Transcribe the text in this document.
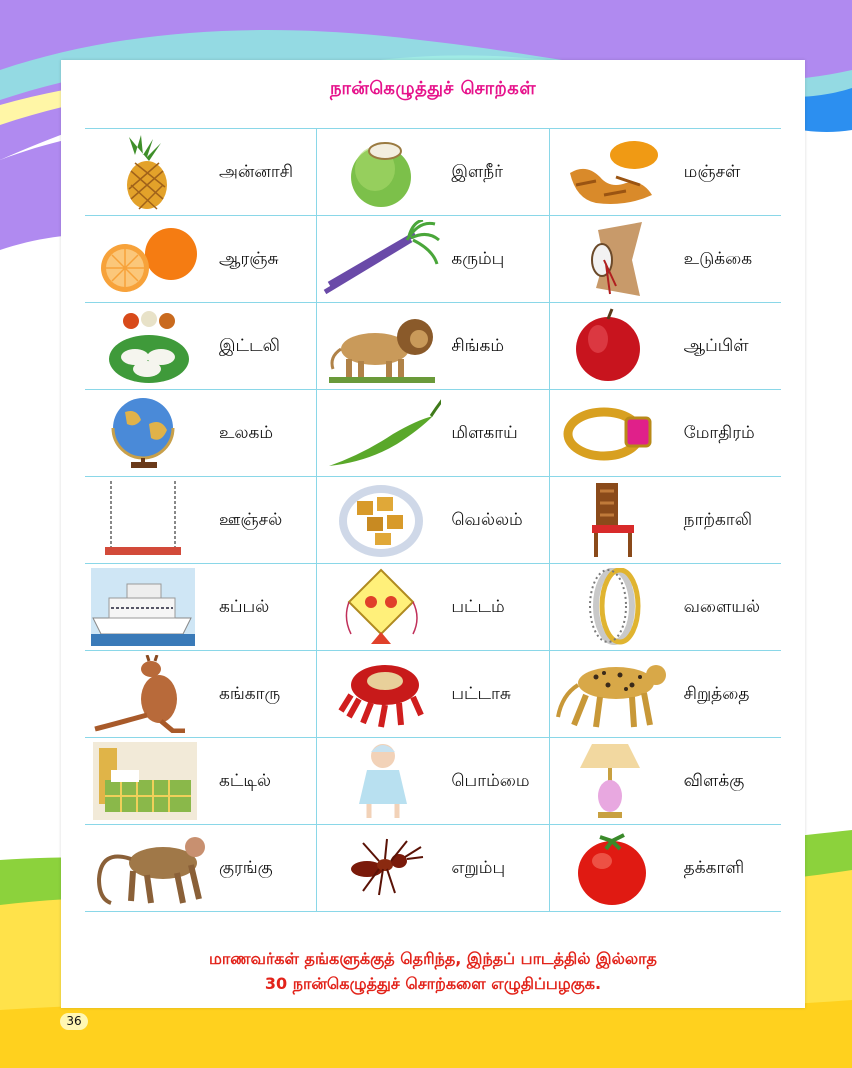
நான்கெழுத்துச் சொற்கள்
அன்னாசி	இளநீர்	மஞ்சள்
ஆரஞ்சு	கரும்பு	உடுக்கை
இட்டலி	சிங்கம்	ஆப்பிள்
உலகம்	மிளகாய்	மோதிரம்
ஊஞ்சல்	வெல்லம்	நாற்காலி
கப்பல்	பட்டம்	வளையல்
கங்காரு	பட்டாசு	சிறுத்தை
கட்டில்	பொம்மை	விளக்கு
குரங்கு	எறும்பு	தக்காளி
மாணவர்கள் தங்களுக்குத் தெரிந்த, இந்தப் பாடத்தில் இல்லாத
30 நான்கெழுத்துச் சொற்களை எழுதிப்பழகுக.
36
